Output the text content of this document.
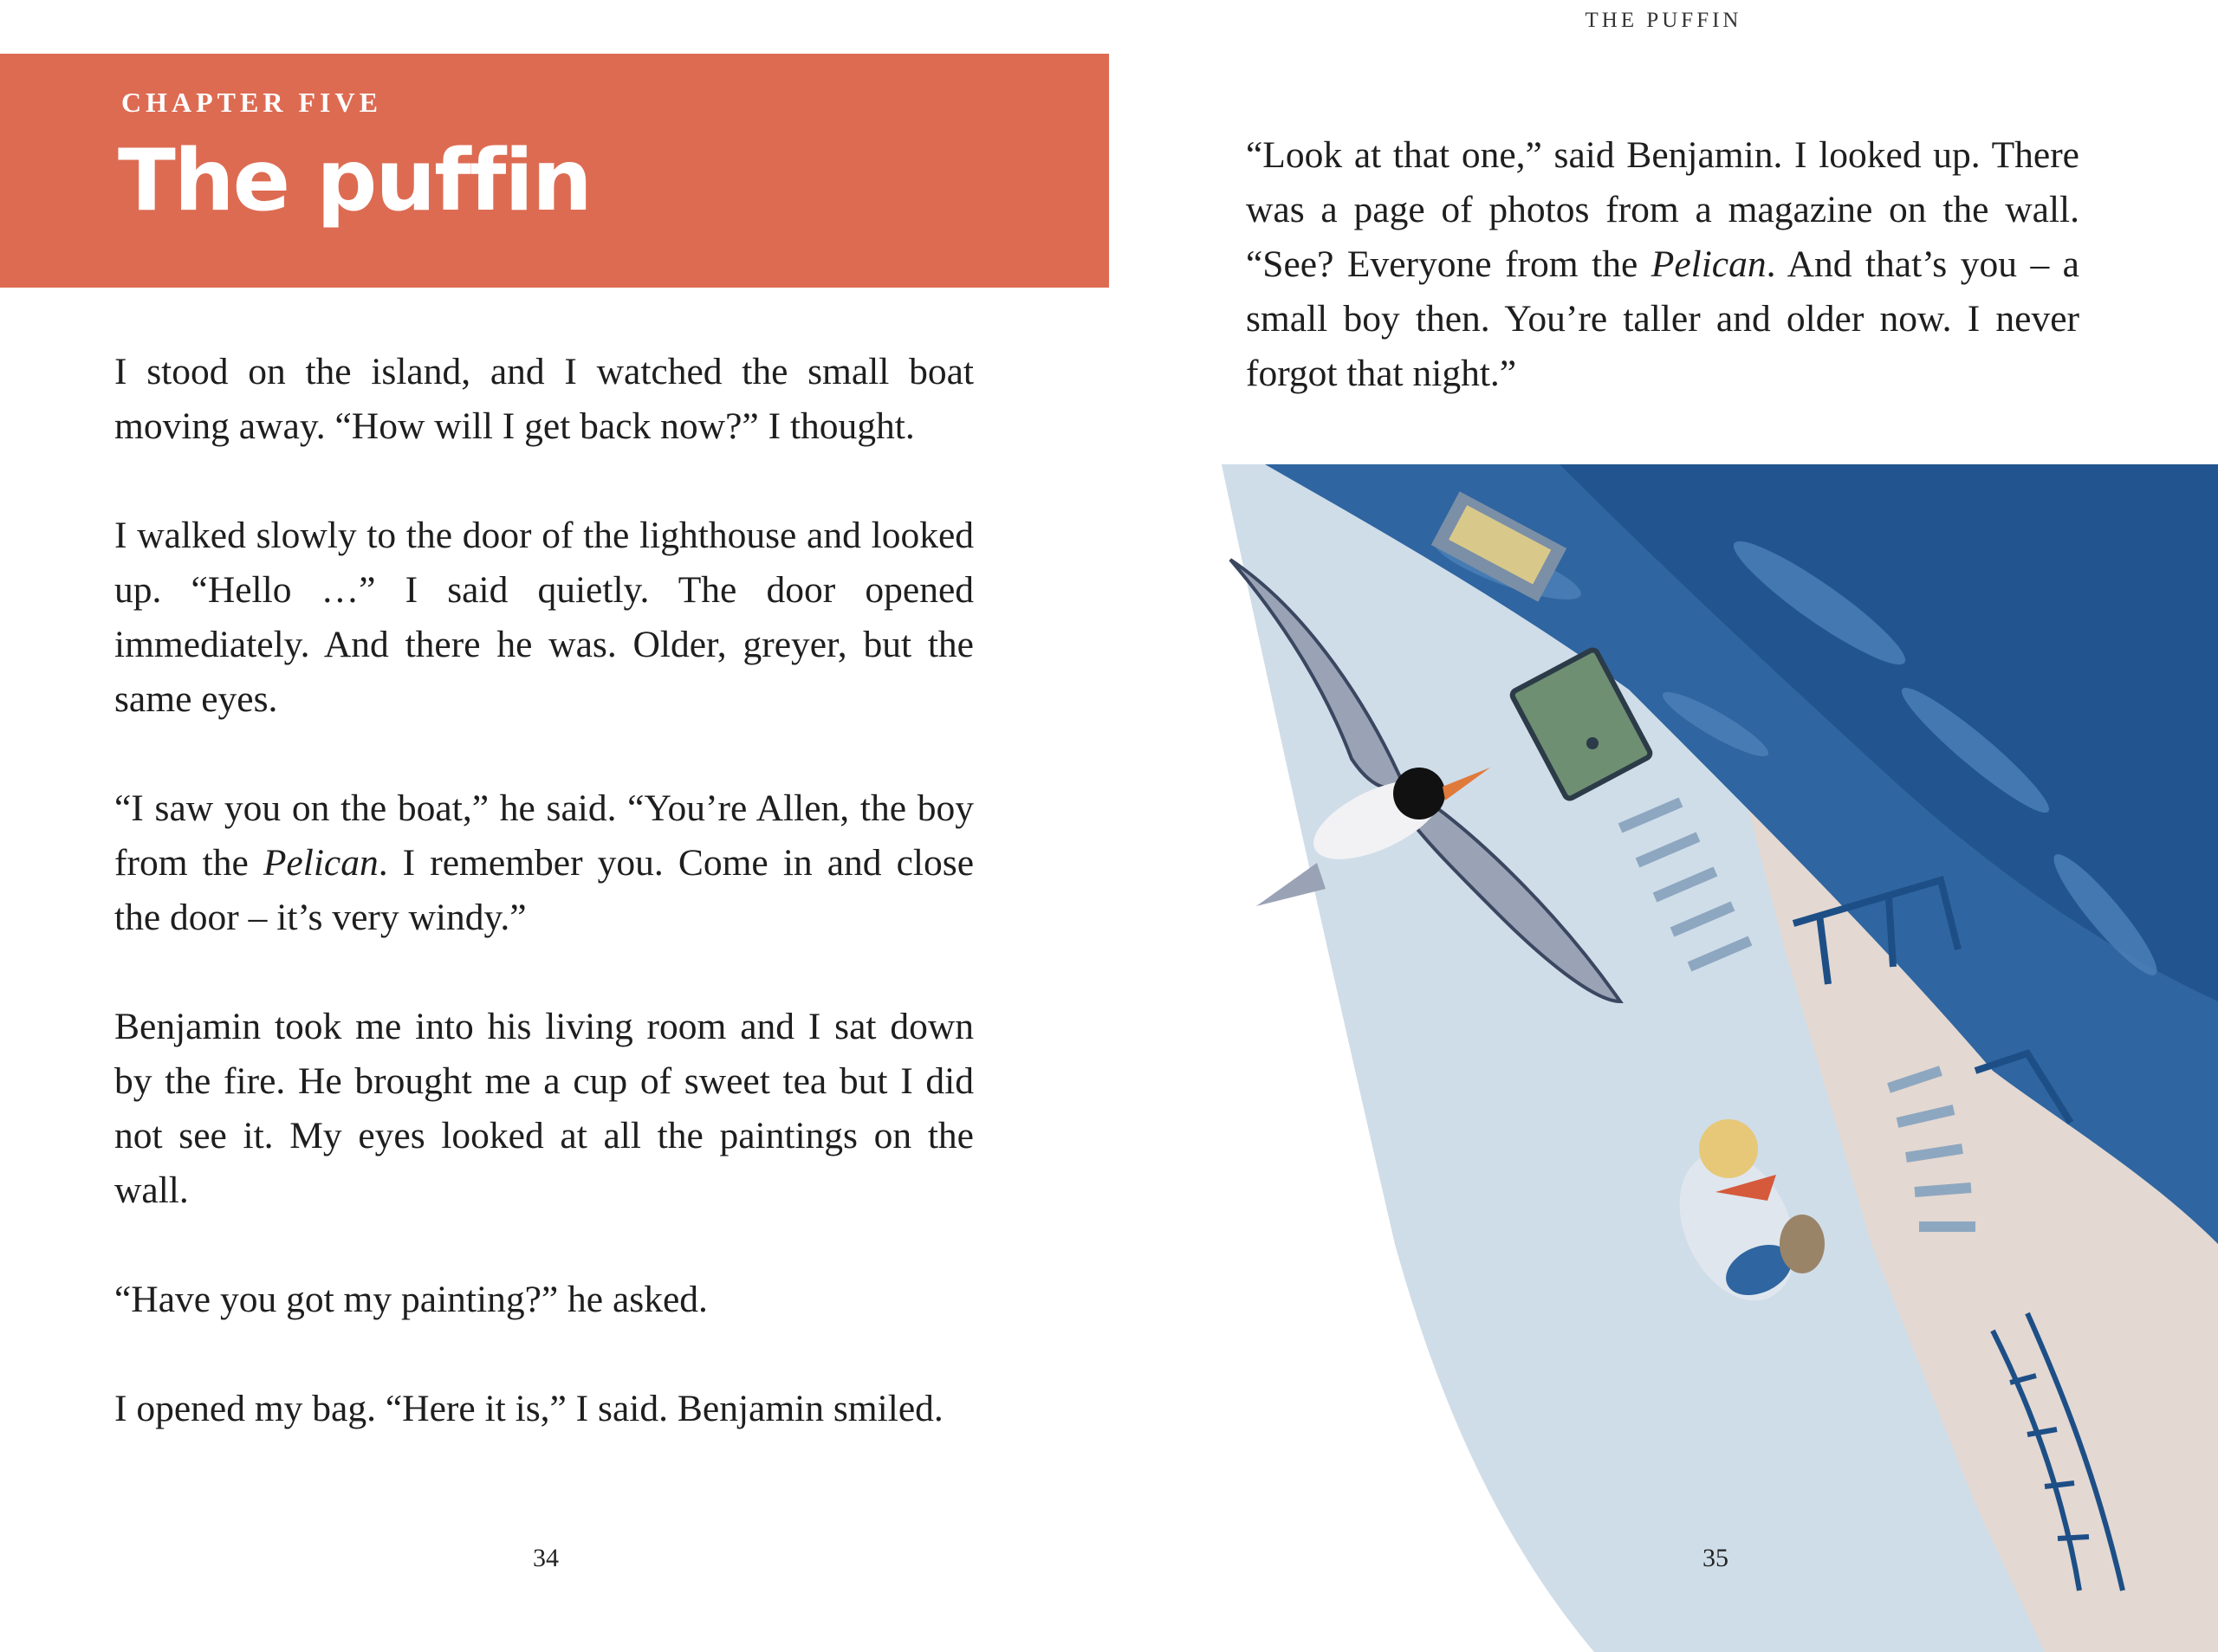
CHAPTER FIVE
The puffin

I stood on the island, and I watched the small boat moving away. “How will I get back now?” I thought.

I walked slowly to the door of the lighthouse and looked up. “Hello …” I said quietly. The door opened immediately. And there he was. Older, greyer, but the same eyes.

“I saw you on the boat,” he said. “You’re Allen, the boy from the Pelican. I remember you. Come in and close the door – it’s very windy.”

Benjamin took me into his living room and I sat down by the fire. He brought me a cup of sweet tea but I did not see it. My eyes looked at all the paintings on the wall.

“Have you got my painting?” he asked.

I opened my bag. “Here it is,” I said. Benjamin smiled.

34
THE PUFFIN

“Look at that one,” said Benjamin. I looked up. There was a page of photos from a magazine on the wall. “See? Everyone from the Pelican. And that’s you – a small boy then. You’re taller and older now. I never forgot that night.”

35
